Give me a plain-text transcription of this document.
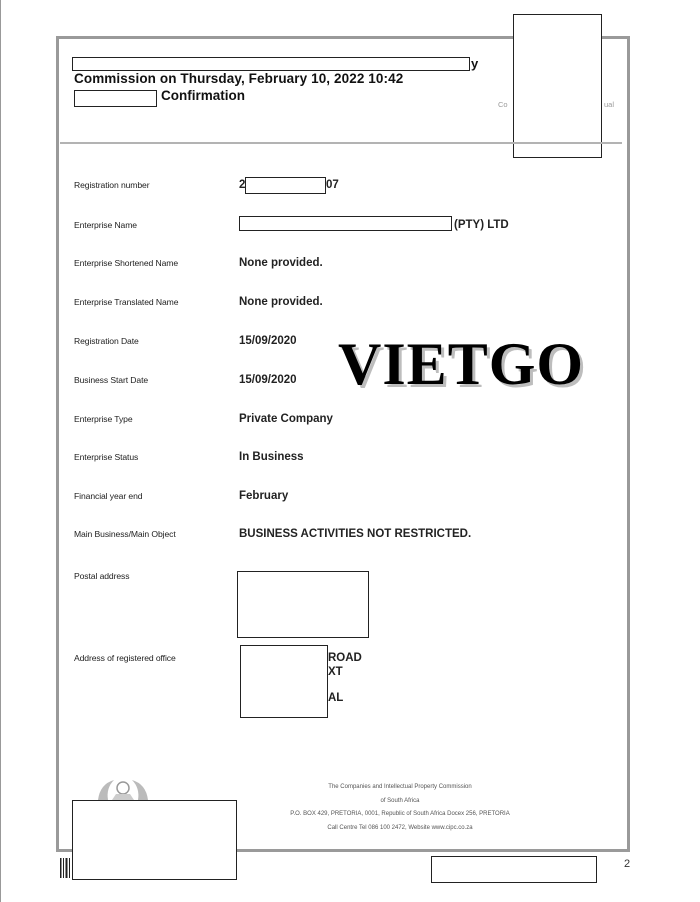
y
Commission on Thursday, February 10, 2022 10:42
Confirmation
Co	ual
Registration number	2	07
Enterprise Name	(PTY) LTD
Enterprise Shortened Name	None provided.
Enterprise Translated Name	None provided.
Registration Date	15/09/2020
Business Start Date	15/09/2020
Enterprise Type	Private Company
Enterprise Status	In Business
Financial year end	February
Main Business/Main Object	BUSINESS ACTIVITIES NOT RESTRICTED.
Postal address
Address of registered office	ROAD
XT
AL
VIETGO
The Companies and Intellectual Property Commission
of South Africa
P.O. BOX 429, PRETORIA, 0001, Republic of South Africa Docex 256, PRETORIA
Call Centre Tel 086 100 2472, Website www.cipc.co.za
2
